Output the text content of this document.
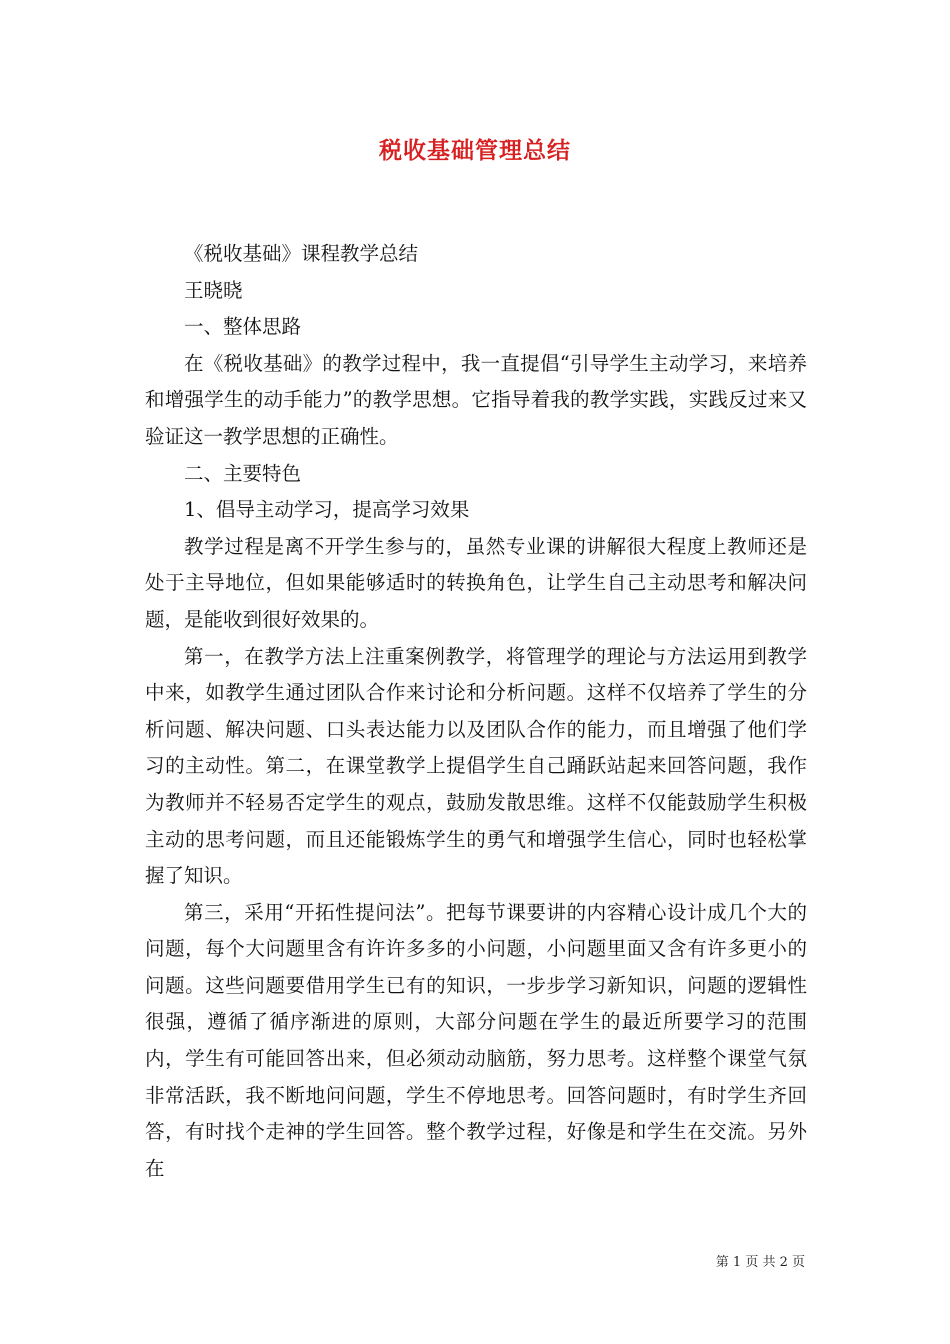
税收基础管理总结

《税收基础》课程教学总结

王晓晓

一、整体思路

在《税收基础》的教学过程中，我一直提倡“引导学生主动学习，来培养和增强学生的动手能力”的教学思想。它指导着我的教学实践，实践反过来又验证这一教学思想的正确性。

二、主要特色

1、倡导主动学习，提高学习效果

教学过程是离不开学生参与的，虽然专业课的讲解很大程度上教师还是处于主导地位，但如果能够适时的转换角色，让学生自己主动思考和解决问题，是能收到很好效果的。

第一，在教学方法上注重案例教学，将管理学的理论与方法运用到教学中来，如教学生通过团队合作来讨论和分析问题。这样不仅培养了学生的分析问题、解决问题、口头表达能力以及团队合作的能力，而且增强了他们学习的主动性。第二，在课堂教学上提倡学生自己踊跃站起来回答问题，我作为教师并不轻易否定学生的观点，鼓励发散思维。这样不仅能鼓励学生积极主动的思考问题，而且还能锻炼学生的勇气和增强学生信心，同时也轻松掌握了知识。

第三，采用“开拓性提问法”。把每节课要讲的内容精心设计成几个大的问题，每个大问题里含有许许多多的小问题，小问题里面又含有许多更小的问题。这些问题要借用学生已有的知识，一步步学习新知识，问题的逻辑性很强，遵循了循序渐进的原则，大部分问题在学生的最近所要学习的范围内，学生有可能回答出来，但必须动动脑筋，努力思考。这样整个课堂气氛非常活跃，我不断地问问题，学生不停地思考。回答问题时，有时学生齐回答，有时找个走神的学生回答。整个教学过程，好像是和学生在交流。另外在

第 1 页 共 2 页
